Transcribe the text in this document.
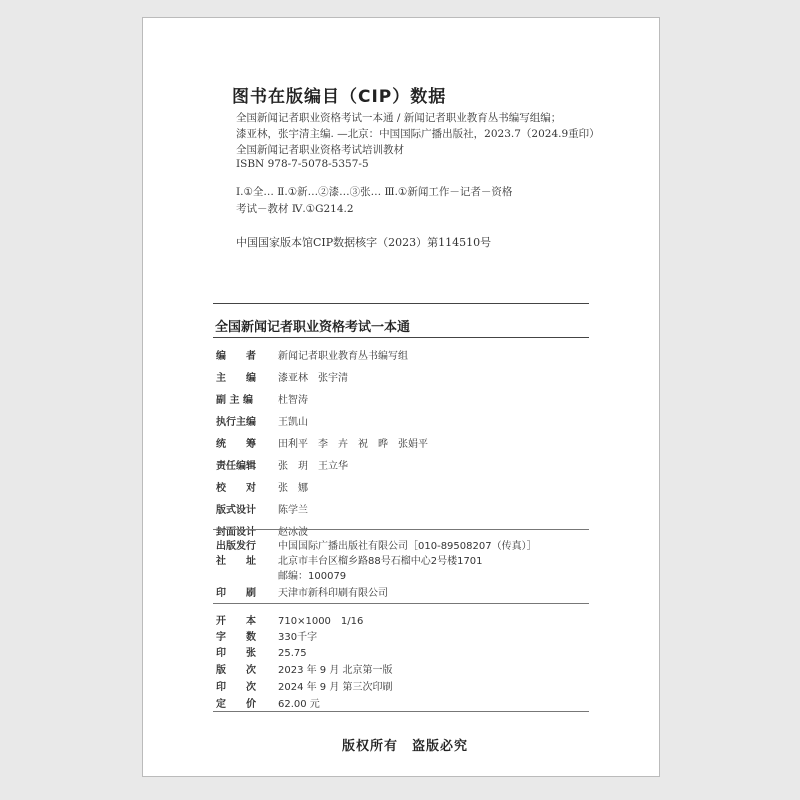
图书在版编目（CIP）数据
全国新闻记者职业资格考试一本通 / 新闻记者职业教育丛书编写组编；
漆亚林，张宇清主编. —北京：中国国际广播出版社，2023.7（2024.9重印）
全国新闻记者职业资格考试培训教材
ISBN 978-7-5078-5357-5
Ⅰ.①全… Ⅱ.①新…②漆…③张… Ⅲ.①新闻工作－记者－资格
考试－教材 Ⅳ.①G214.2
中国国家版本馆CIP数据核字（2023）第114510号
全国新闻记者职业资格考试一本通
编　　者 新闻记者职业教育丛书编写组
主　　编 漆亚林　张宇清
副 主 编	杜智涛
执行主编 王凯山
统　　筹 田利平　李　卉　祝　晔　张娟平
责任编辑 张　玥　王立华
校　　对 张　娜
版式设计 陈学兰
封面设计 赵冰波
出版发行 中国国际广播出版社有限公司［010-89508207（传真）］
社　　址 北京市丰台区榴乡路88号石榴中心2号楼1701
邮编：100079
印　　刷 天津市新科印刷有限公司
开　　本 710×1000　1/16
字　　数 330千字
印　　张 25.75
版　　次 2023 年 9 月 北京第一版
印　　次 2024 年 9 月 第三次印刷
定　　价 62.00 元
版权所有　盗版必究
